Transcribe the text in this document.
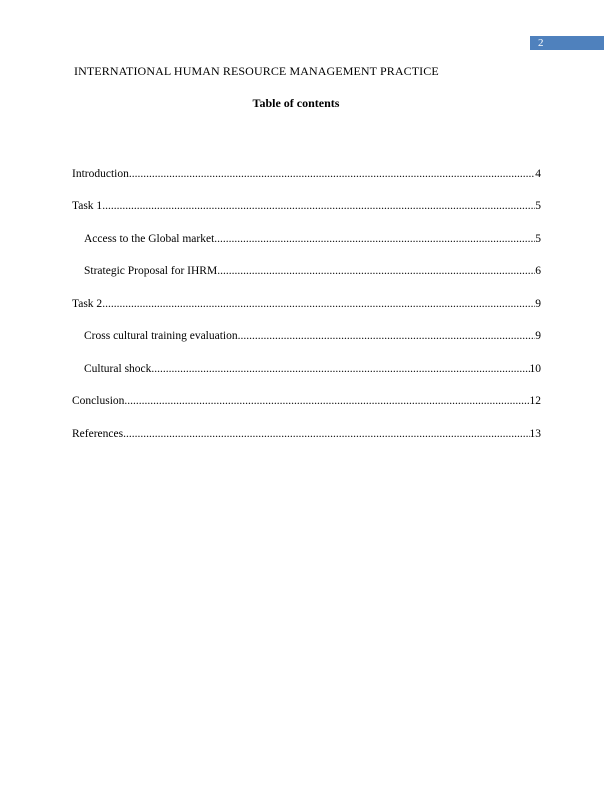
2
INTERNATIONAL HUMAN RESOURCE MANAGEMENT PRACTICE
Table of contents
Introduction .....	4
Task 1 .....	5
Access to the Global market .....	5
Strategic Proposal for IHRM .....	6
Task 2 .....	9
Cross cultural training evaluation .....	9
Cultural shock .....	10
Conclusion .....	12
References .....	13
